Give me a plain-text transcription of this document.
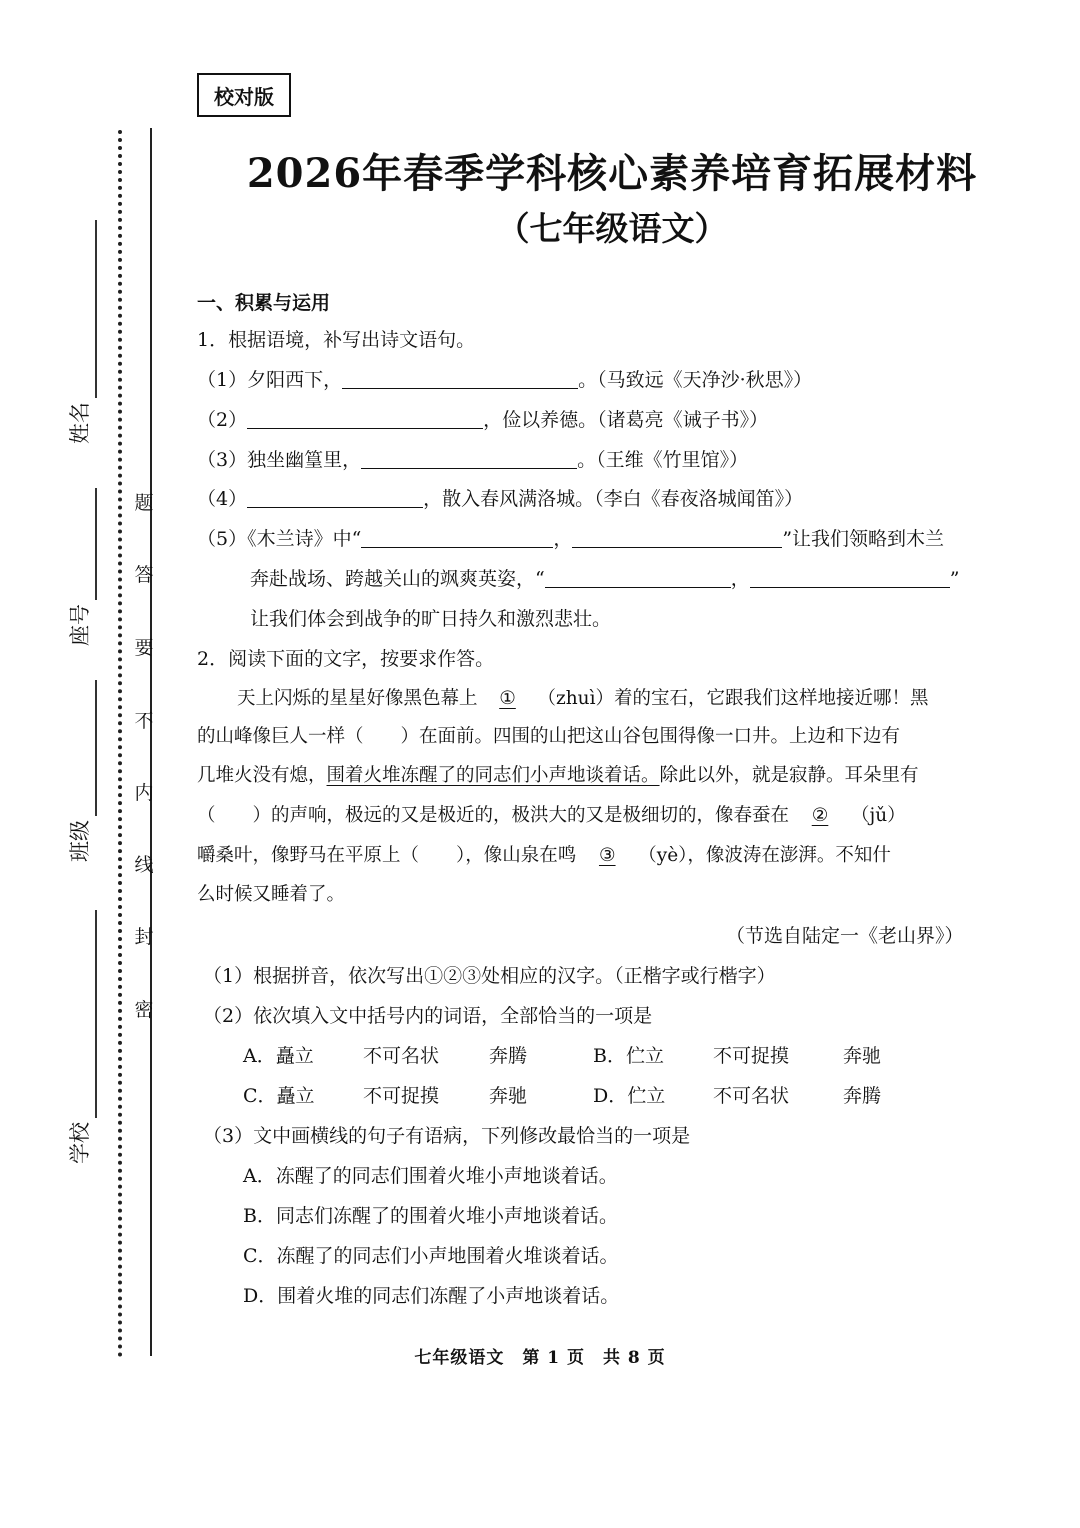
校对版
2026年春季学科核心素养培育拓展材料
（七年级语文）
题
答
要
不
内
线
封
密
姓名
座号
班级
学校
一、积累与运用
1．根据语境，补写出诗文语句。
（1）夕阳西下，	。（马致远《天净沙·秋思》）
（2）	，俭以养德。（诸葛亮《诫子书》）
（3）独坐幽篁里，	。（王维《竹里馆》）
（4）	，散入春风满洛城。（李白《春夜洛城闻笛》）
（5）《木兰诗》中“	，	”让我们领略到木兰
奔赴战场、跨越关山的飒爽英姿，“	，	”
让我们体会到战争的旷日持久和激烈悲壮。
2．阅读下面的文字，按要求作答。
天上闪烁的星星好像黑色幕上 ① （zhuì）着的宝石，它跟我们这样地接近哪！黑
的山峰像巨人一样（　　）在面前。四围的山把这山谷包围得像一口井。上边和下边有
几堆火没有熄，围着火堆冻醒了的同志们小声地谈着话。除此以外，就是寂静。耳朵里有
（　　）的声响，极远的又是极近的，极洪大的又是极细切的，像春蚕在 ② （jǔ）
嚼桑叶，像野马在平原上（　　），像山泉在鸣 ③ （yè），像波涛在澎湃。不知什
么时候又睡着了。
（节选自陆定一《老山界》）
（1）根据拼音，依次写出①②③处相应的汉字。（正楷字或行楷字）
（2）依次填入文中括号内的词语，全部恰当的一项是
A．矗立	不可名状	奔腾	B．伫立	不可捉摸	奔驰
C．矗立	不可捉摸	奔驰	D．伫立	不可名状	奔腾
（3）文中画横线的句子有语病，下列修改最恰当的一项是
A．冻醒了的同志们围着火堆小声地谈着话。
B．同志们冻醒了的围着火堆小声地谈着话。
C．冻醒了的同志们小声地围着火堆谈着话。
D．围着火堆的同志们冻醒了小声地谈着话。
七年级语文　第 1 页　共 8 页
